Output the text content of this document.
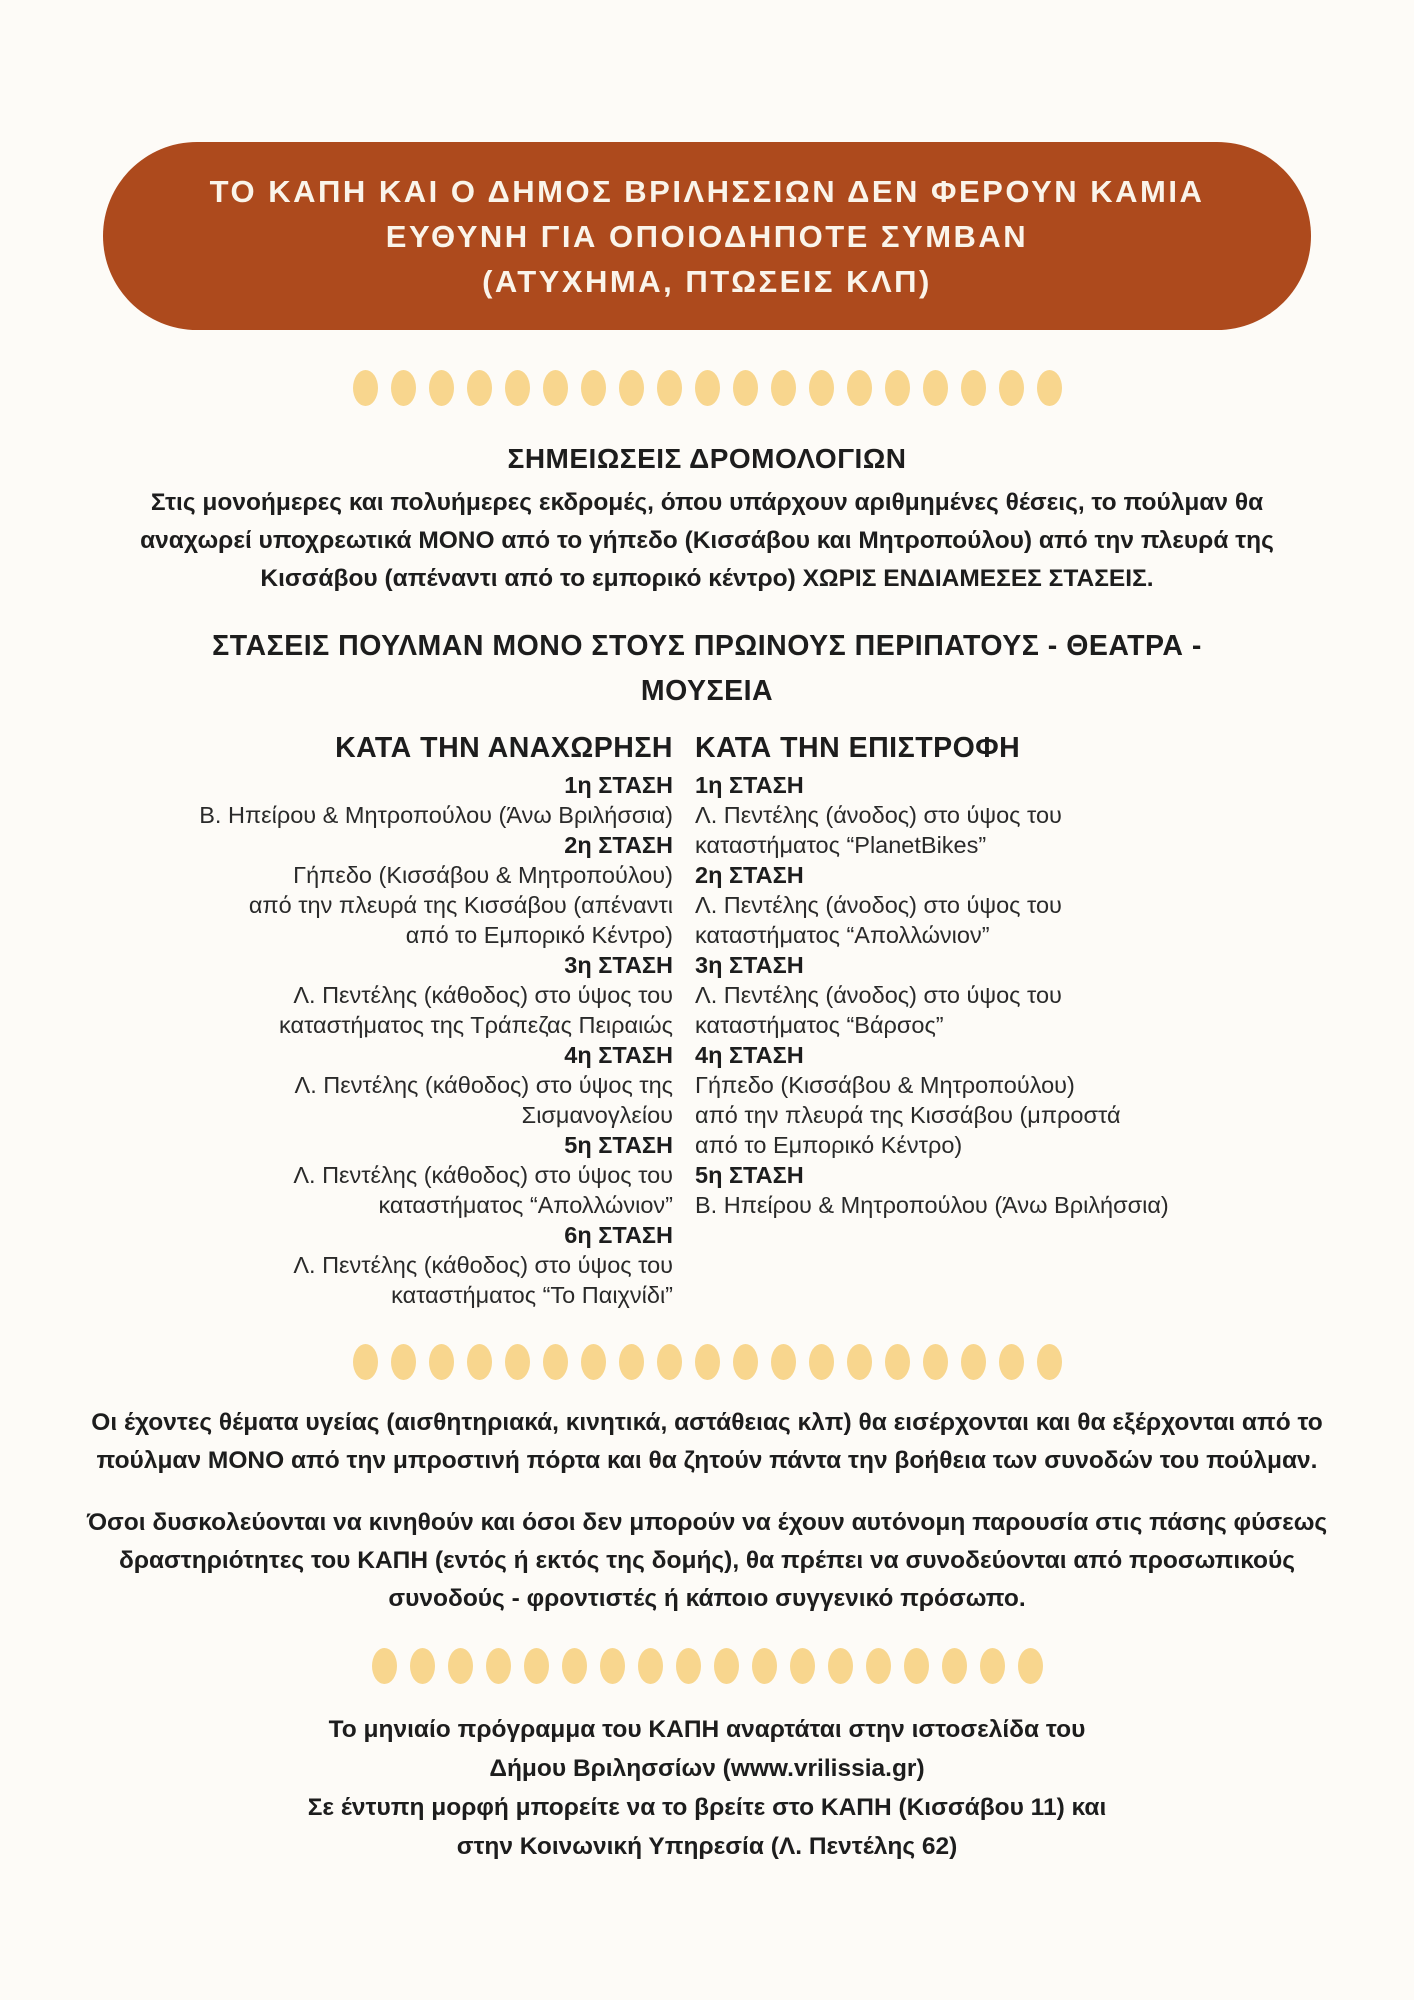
ΤΟ ΚΑΠΗ ΚΑΙ Ο ΔΗΜΟΣ ΒΡΙΛΗΣΣΙΩΝ ΔΕΝ ΦΕΡΟΥΝ ΚΑΜΙΑ
ΕΥΘΥΝΗ ΓΙΑ ΟΠΟΙΟΔΗΠΟΤΕ ΣΥΜΒΑΝ
(ΑΤΥΧΗΜΑ, ΠΤΩΣΕΙΣ ΚΛΠ)
ΣΗΜΕΙΩΣΕΙΣ ΔΡΟΜΟΛΟΓΙΩΝ
Στις μονοήμερες και πολυήμερες εκδρομές, όπου υπάρχουν αριθμημένες θέσεις, το πούλμαν θα αναχωρεί υποχρεωτικά ΜΟΝΟ από το γήπεδο (Κισσάβου και Μητροπούλου) από την πλευρά της Κισσάβου (απέναντι από το εμπορικό κέντρο) ΧΩΡΙΣ ΕΝΔΙΑΜΕΣΕΣ ΣΤΑΣΕΙΣ.
ΣΤΑΣΕΙΣ ΠΟΥΛΜΑΝ ΜΟΝΟ ΣΤΟΥΣ ΠΡΩΙΝΟΥΣ ΠΕΡΙΠΑΤΟΥΣ - ΘΕΑΤΡΑ - ΜΟΥΣΕΙΑ
ΚΑΤΑ ΤΗΝ ΑΝΑΧΩΡΗΣΗ
1η ΣΤΑΣΗ
Β. Ηπείρου & Μητροπούλου (Άνω Βριλήσσια)
2η ΣΤΑΣΗ
Γήπεδο (Κισσάβου & Μητροπούλου)
από την πλευρά της Κισσάβου (απέναντι
από το Εμπορικό Κέντρο)
3η ΣΤΑΣΗ
Λ. Πεντέλης (κάθοδος) στο ύψος του
καταστήματος της Τράπεζας Πειραιώς
4η ΣΤΑΣΗ
Λ. Πεντέλης (κάθοδος) στο ύψος της
Σισμανογλείου
5η ΣΤΑΣΗ
Λ. Πεντέλης (κάθοδος) στο ύψος του
καταστήματος “Απολλώνιον”
6η ΣΤΑΣΗ
Λ. Πεντέλης (κάθοδος) στο ύψος του
καταστήματος “Το Παιχνίδι”
ΚΑΤΑ ΤΗΝ ΕΠΙΣΤΡΟΦΗ
1η ΣΤΑΣΗ
Λ. Πεντέλης (άνοδος) στο ύψος του
καταστήματος “PlanetBikes”
2η ΣΤΑΣΗ
Λ. Πεντέλης (άνοδος) στο ύψος του
καταστήματος “Απολλώνιον”
3η ΣΤΑΣΗ
Λ. Πεντέλης (άνοδος) στο ύψος του
καταστήματος “Βάρσος”
4η ΣΤΑΣΗ
Γήπεδο (Κισσάβου & Μητροπούλου)
από την πλευρά της Κισσάβου (μπροστά
από το Εμπορικό Κέντρο)
5η ΣΤΑΣΗ
Β. Ηπείρου & Μητροπούλου (Άνω Βριλήσσια)
Οι έχοντες θέματα υγείας (αισθητηριακά, κινητικά, αστάθειας κλπ) θα εισέρχονται και θα εξέρχονται από το πούλμαν ΜΟΝΟ από την μπροστινή πόρτα και θα ζητούν πάντα την βοήθεια των συνοδών του πούλμαν.
Όσοι δυσκολεύονται να κινηθούν και όσοι δεν μπορούν να έχουν αυτόνομη παρουσία στις πάσης φύσεως δραστηριότητες του ΚΑΠΗ (εντός ή εκτός της δομής), θα πρέπει να συνοδεύονται από προσωπικούς συνοδούς - φροντιστές ή κάποιο συγγενικό πρόσωπο.
Το μηνιαίο πρόγραμμα του ΚΑΠΗ αναρτάται στην ιστοσελίδα του
Δήμου Βριλησσίων (www.vrilissia.gr)
Σε έντυπη μορφή μπορείτε να το βρείτε στο ΚΑΠΗ (Κισσάβου 11) και
στην Κοινωνική Υπηρεσία (Λ. Πεντέλης 62)
